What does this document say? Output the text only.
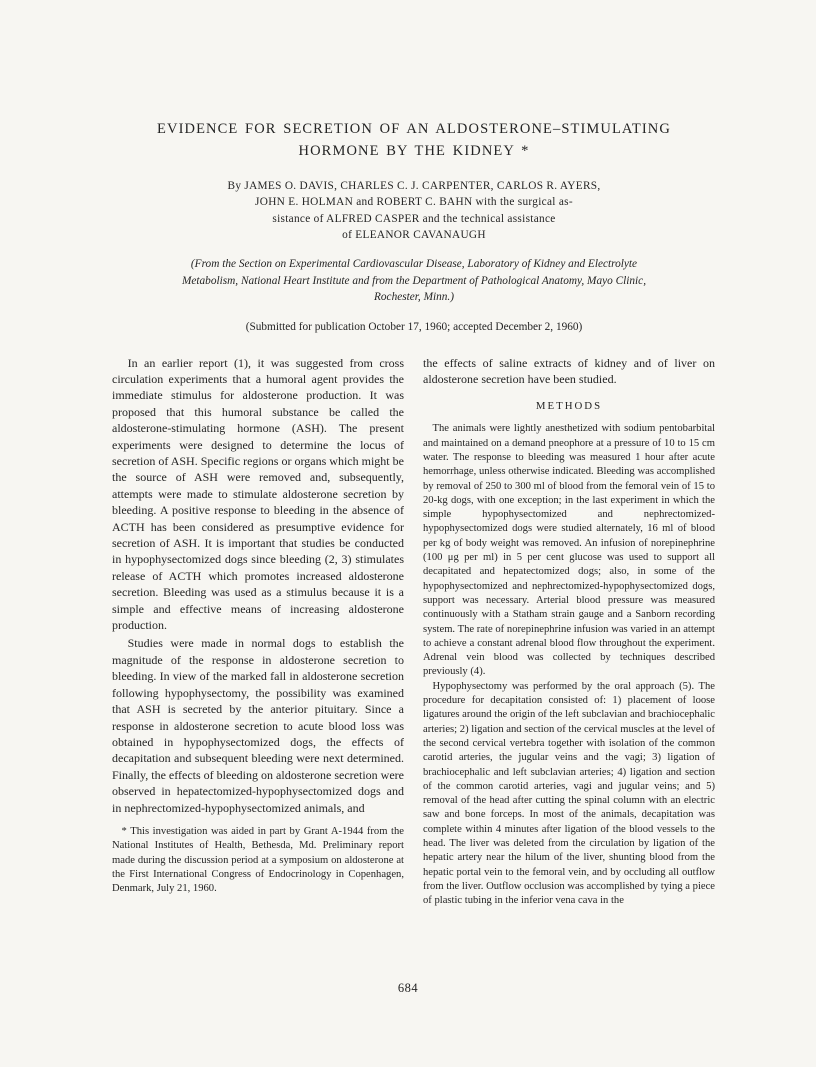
EVIDENCE FOR SECRETION OF AN ALDOSTERONE–STIMULATING HORMONE BY THE KIDNEY *
By JAMES O. DAVIS, CHARLES C. J. CARPENTER, CARLOS R. AYERS,
JOHN E. HOLMAN and ROBERT C. BAHN with the surgical as-
sistance of ALFRED CASPER and the technical assistance
of ELEANOR CAVANAUGH
(From the Section on Experimental Cardiovascular Disease, Laboratory of Kidney and Electrolyte Metabolism, National Heart Institute and from the Department of Pathological Anatomy, Mayo Clinic, Rochester, Minn.)
(Submitted for publication October 17, 1960; accepted December 2, 1960)

In an earlier report (1), it was suggested from cross circulation experiments that a humoral agent provides the immediate stimulus for aldosterone production. It was proposed that this humoral substance be called the aldosterone-stimulating hormone (ASH). The present experiments were designed to determine the locus of secretion of ASH. Specific regions or organs which might be the source of ASH were removed and, subsequently, attempts were made to stimulate aldosterone secretion by bleeding. A positive response to bleeding in the absence of ACTH has been considered as presumptive evidence for secretion of ASH. It is important that studies be conducted in hypophysectomized dogs since bleeding (2, 3) stimulates release of ACTH which promotes increased aldosterone secretion. Bleeding was used as a stimulus because it is a simple and effective means of increasing aldosterone production.

Studies were made in normal dogs to establish the magnitude of the response in aldosterone secretion to bleeding. In view of the marked fall in aldosterone secretion following hypophysectomy, the possibility was examined that ASH is secreted by the anterior pituitary. Since a response in aldosterone secretion to acute blood loss was obtained in hypophysectomized dogs, the effects of decapitation and subsequent bleeding were next determined. Finally, the effects of bleeding on aldosterone secretion were observed in hepatectomized-hypophysectomized dogs and in nephrectomized-hypophysectomized animals, and

* This investigation was aided in part by Grant A-1944 from the National Institutes of Health, Bethesda, Md. Preliminary report made during the discussion period at a symposium on aldosterone at the First International Congress of Endocrinology in Copenhagen, Denmark, July 21, 1960.

the effects of saline extracts of kidney and of liver on aldosterone secretion have been studied.

METHODS

The animals were lightly anesthetized with sodium pentobarbital and maintained on a demand pneophore at a pressure of 10 to 15 cm water. The response to bleeding was measured 1 hour after acute hemorrhage, unless otherwise indicated. Bleeding was accomplished by removal of 250 to 300 ml of blood from the femoral vein of 15 to 20-kg dogs, with one exception; in the last experiment in which the simple hypophysectomized and nephrectomized-hypophysectomized dogs were studied alternately, 16 ml of blood per kg of body weight was removed. An infusion of norepinephrine (100 μg per ml) in 5 per cent glucose was used to support all decapitated and hepatectomized dogs; also, in some of the hypophysectomized and nephrectomized-hypophysectomized dogs, support was necessary. Arterial blood pressure was measured continuously with a Statham strain gauge and a Sanborn recording system. The rate of norepinephrine infusion was varied in an attempt to achieve a constant adrenal blood flow throughout the experiment. Adrenal vein blood was collected by techniques described previously (4).

Hypophysectomy was performed by the oral approach (5). The procedure for decapitation consisted of: 1) placement of loose ligatures around the origin of the left subclavian and brachiocephalic arteries; 2) ligation and section of the cervical muscles at the level of the second cervical vertebra together with isolation of the common carotid arteries, the jugular veins and the vagi; 3) ligation of brachiocephalic and left subclavian arteries; 4) ligation and section of the common carotid arteries, vagi and jugular veins; and 5) removal of the head after cutting the spinal column with an electric saw and bone forceps. In most of the animals, decapitation was complete within 4 minutes after ligation of the blood vessels to the head. The liver was deleted from the circulation by ligation of the hepatic artery near the hilum of the liver, shunting blood from the hepatic portal vein to the femoral vein, and by occluding all outflow from the liver. Outflow occlusion was accomplished by tying a piece of plastic tubing in the inferior vena cava in the

684
